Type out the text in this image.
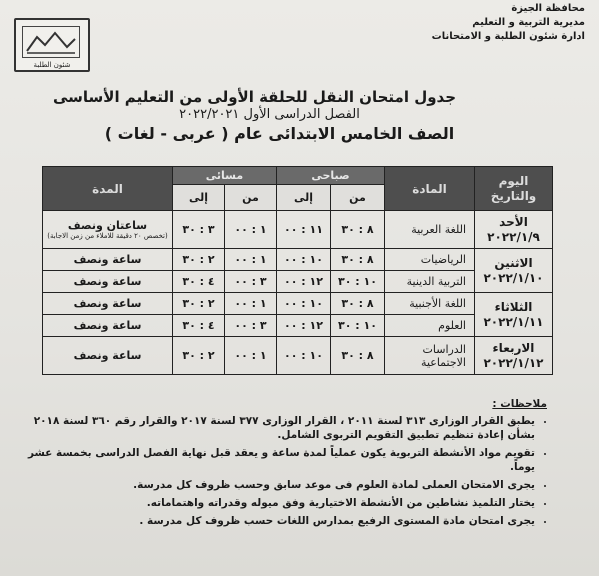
محافظة الجيزة
مديرية التربية و التعليم
ادارة شئون الطلبة و الامتحانات
شئون الطلبة
جدول امتحان النقل للحلقة الأولى من التعليم الأساسى
الفصل الدراسى الأول ٢٠٢٢/٢٠٢١
الصف الخامس الابتدائى عام ( عربى - لغات )
اليوم والتاريخ	المادة	صباحى		مسائى		المدة
		من	إلى	من	إلى	

الأحد
٢٠٢٢/١/٩	اللغة العربية	٨ : ٣٠	١١ : ٠٠	١ : ٠٠	٣ : ٣٠	ساعتان ونصف
(تخصص ٢٠ دقيقة للاملاء من زمن الاجابة)

الاثنين
٢٠٢٢/١/١٠	الرياضيات	٨ : ٣٠	١٠ : ٠٠	١ : ٠٠	٢ : ٣٠	ساعة ونصف
	التربية الدينية	١٠ : ٣٠	١٢ : ٠٠	٣ : ٠٠	٤ : ٣٠	ساعة ونصف
الثلاثاء
٢٠٢٢/١/١١	اللغة الأجنبية	٨ : ٣٠	١٠ : ٠٠	١ : ٠٠	٢ : ٣٠	ساعة ونصف
	العلوم	١٠ : ٣٠	١٢ : ٠٠	٣ : ٠٠	٤ : ٣٠	ساعة ونصف
الاربعاء
٢٠٢٢/١/١٢	الدراسات الاجتماعية	٨ : ٣٠	١٠ : ٠٠	١ : ٠٠	٢ : ٣٠	ساعة ونصف
ملاحظات :
• يطبق القرار الوزارى ٣١٣ لسنة ٢٠١١ ، القرار الوزارى ٣٧٧ لسنة ٢٠١٧ والقرار رقم ٣٦٠ لسنة ٢٠١٨ بشأن إعادة تنظيم تطبيق التقويم التربوى الشامل.
• تقويم مواد الأنشطة التربوية يكون عملياً لمدة ساعة و يعقد قبل نهاية الفصل الدراسى بخمسة عشر يوماً.
• يجرى الامتحان العملى لمادة العلوم فى موعد سابق وحسب ظروف كل مدرسة.
• يختار التلميذ نشاطين من الأنشطة الاختيارية وفق ميوله وقدراته واهتماماته.
• يجرى امتحان مادة المستوى الرفيع بمدارس اللغات حسب ظروف كل مدرسة .
